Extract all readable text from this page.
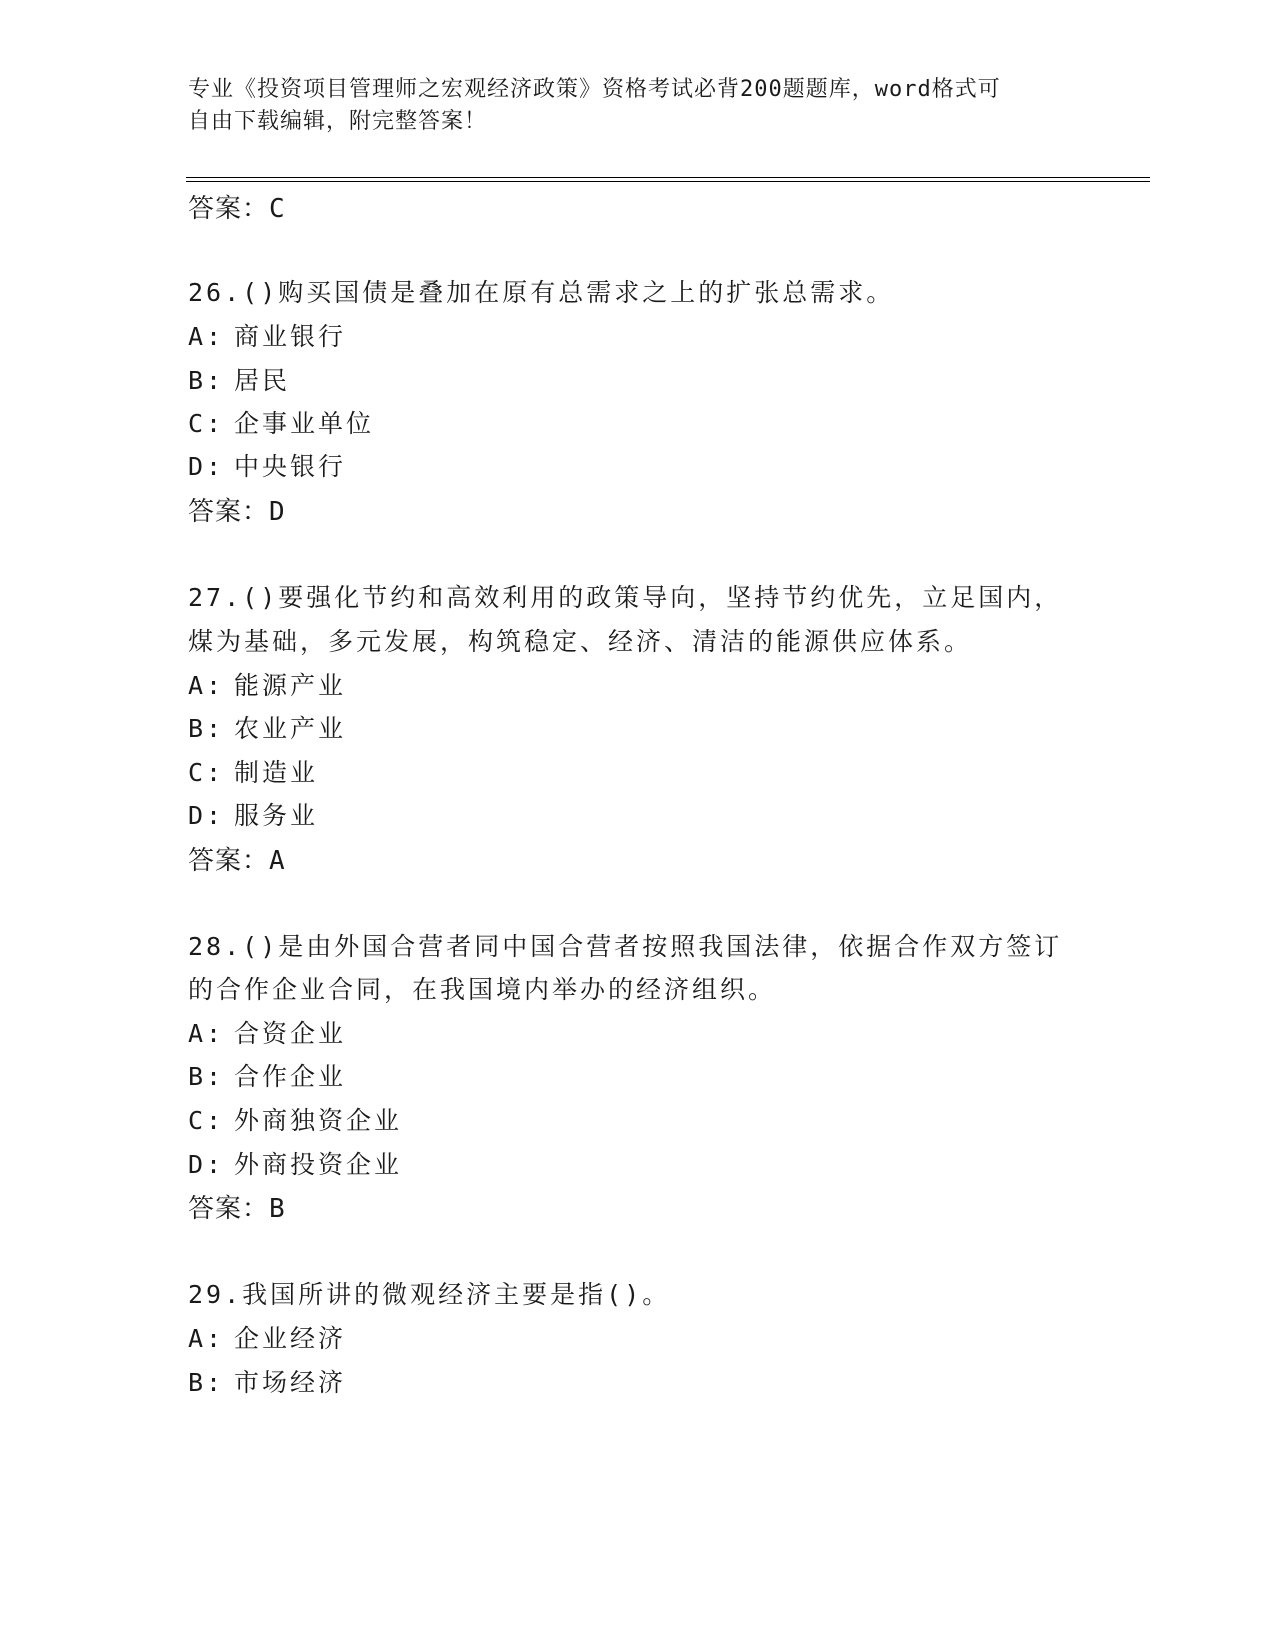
专业《投资项目管理师之宏观经济政策》资格考试必背200题题库，word格式可
自由下载编辑，附完整答案！
答案：C
26.()购买国债是叠加在原有总需求之上的扩张总需求。
A: 商业银行
B: 居民
C: 企事业单位
D: 中央银行
答案：D
27.()要强化节约和高效利用的政策导向，坚持节约优先，立足国内，
煤为基础，多元发展，构筑稳定、经济、清洁的能源供应体系。
A: 能源产业
B: 农业产业
C: 制造业
D: 服务业
答案：A
28.()是由外国合营者同中国合营者按照我国法律，依据合作双方签订
的合作企业合同，在我国境内举办的经济组织。
A: 合资企业
B: 合作企业
C: 外商独资企业
D: 外商投资企业
答案：B
29.我国所讲的微观经济主要是指()。
A: 企业经济
B: 市场经济
